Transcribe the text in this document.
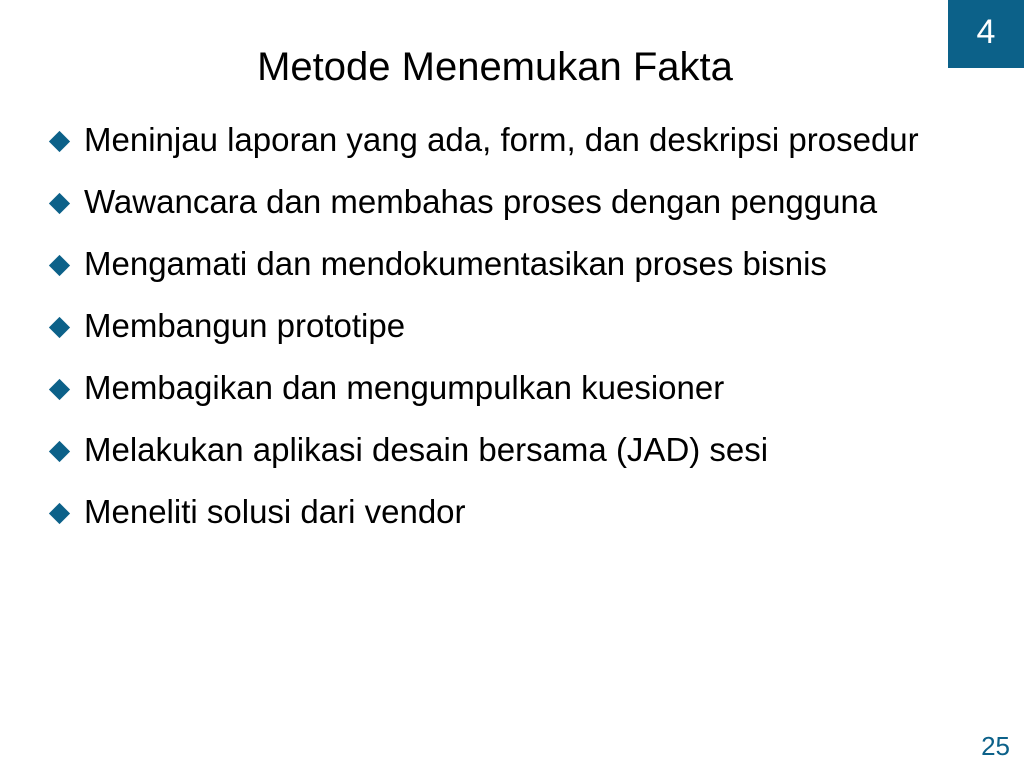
4
Metode Menemukan Fakta
Meninjau laporan yang ada, form, dan deskripsi prosedur
Wawancara dan membahas proses dengan pengguna
Mengamati dan mendokumentasikan proses bisnis
Membangun prototipe
Membagikan dan mengumpulkan kuesioner
Melakukan aplikasi desain bersama (JAD) sesi
Meneliti solusi dari vendor
25
